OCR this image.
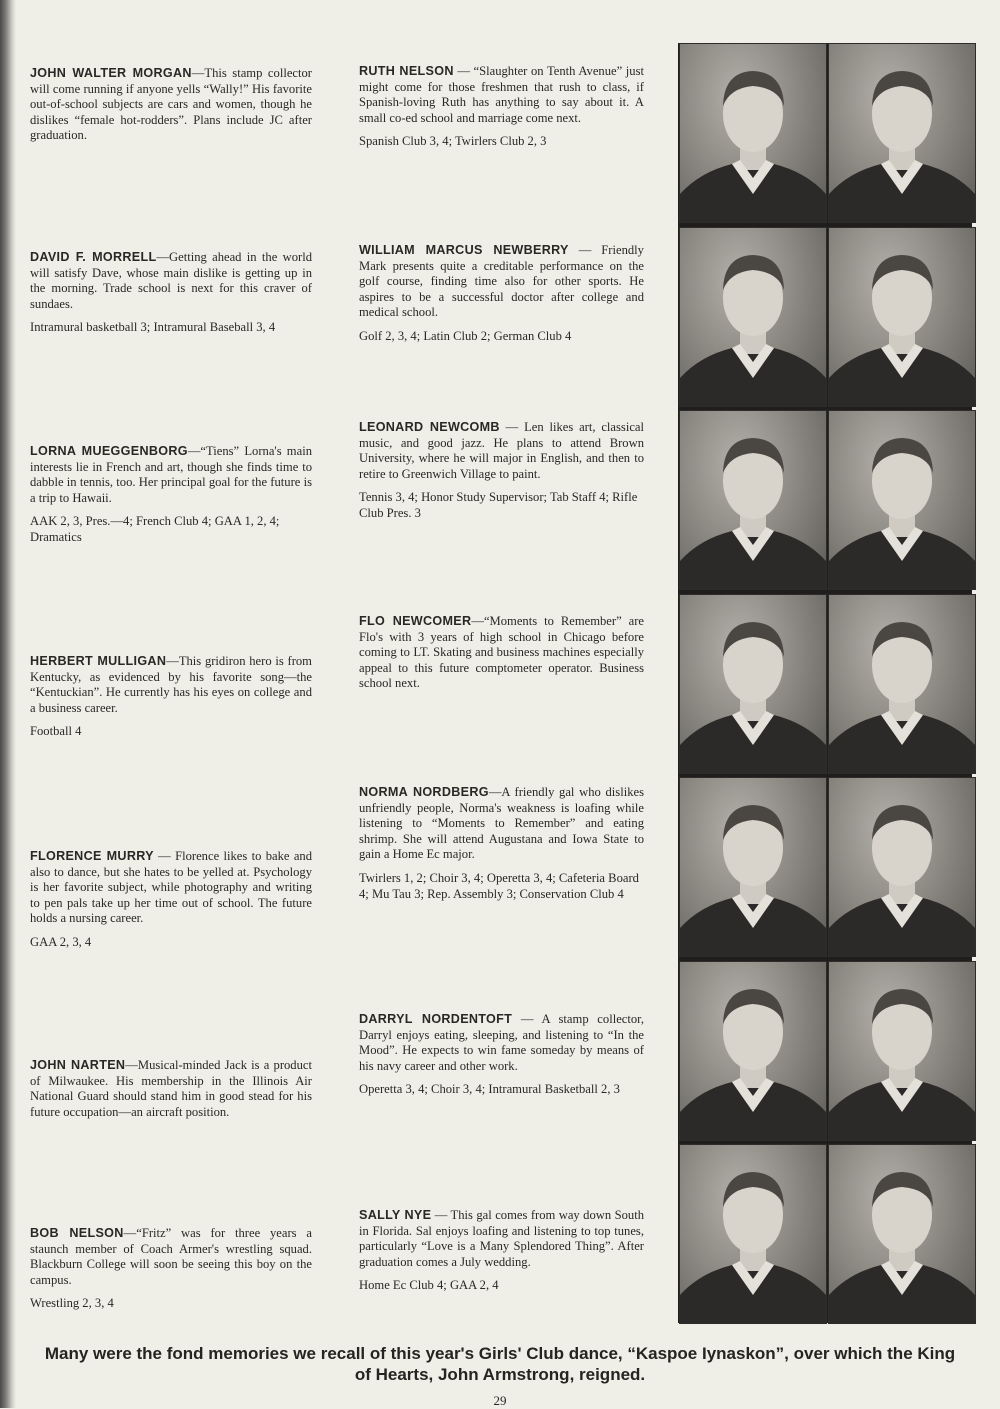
JOHN WALTER MORGAN—This stamp collector will come running if anyone yells “Wally!” His favorite out-of-school subjects are cars and women, though he dislikes “female hot-rodders”. Plans include JC after graduation.
DAVID F. MORRELL—Getting ahead in the world will satisfy Dave, whose main dislike is getting up in the morning. Trade school is next for this craver of sundaes.
Intramural basketball 3; Intramural Baseball 3, 4
LORNA MUEGGENBORG—“Tiens” Lorna's main interests lie in French and art, though she finds time to dabble in tennis, too. Her principal goal for the future is a trip to Hawaii.
AAK 2, 3, Pres.—4; French Club 4; GAA 1, 2, 4; Dramatics
HERBERT MULLIGAN—This gridiron hero is from Kentucky, as evidenced by his favorite song—the “Kentuckian”. He currently has his eyes on college and a business career.
Football 4
FLORENCE MURRY — Florence likes to bake and also to dance, but she hates to be yelled at. Psychology is her favorite subject, while photography and writing to pen pals take up her time out of school. The future holds a nursing career.
GAA 2, 3, 4
JOHN NARTEN—Musical-minded Jack is a product of Milwaukee. His membership in the Illinois Air National Guard should stand him in good stead for his future occupation—an aircraft position.
BOB NELSON—“Fritz” was for three years a staunch member of Coach Armer's wrestling squad. Blackburn College will soon be seeing this boy on the campus.
Wrestling 2, 3, 4
RUTH NELSON — “Slaughter on Tenth Avenue” just might come for those freshmen that rush to class, if Spanish-loving Ruth has anything to say about it. A small co-ed school and marriage come next.
Spanish Club 3, 4; Twirlers Club 2, 3
WILLIAM MARCUS NEWBERRY — Friendly Mark presents quite a creditable performance on the golf course, finding time also for other sports. He aspires to be a successful doctor after college and medical school.
Golf 2, 3, 4; Latin Club 2; German Club 4
LEONARD NEWCOMB — Len likes art, classical music, and good jazz. He plans to attend Brown University, where he will major in English, and then to retire to Greenwich Village to paint.
Tennis 3, 4; Honor Study Supervisor; Tab Staff 4; Rifle Club Pres. 3
FLO NEWCOMER—“Moments to Remember” are Flo's with 3 years of high school in Chicago before coming to LT. Skating and business machines especially appeal to this future comptometer operator. Business school next.
NORMA NORDBERG—A friendly gal who dislikes unfriendly people, Norma's weakness is loafing while listening to “Moments to Remember” and eating shrimp. She will attend Augustana and Iowa State to gain a Home Ec major.
Twirlers 1, 2; Choir 3, 4; Operetta 3, 4; Cafeteria Board 4; Mu Tau 3; Rep. Assembly 3; Conservation Club 4
DARRYL NORDENTOFT — A stamp collector, Darryl enjoys eating, sleeping, and listening to “In the Mood”. He expects to win fame someday by means of his navy career and other work.
Operetta 3, 4; Choir 3, 4; Intramural Basketball 2, 3
SALLY NYE — This gal comes from way down South in Florida. Sal enjoys loafing and listening to top tunes, particularly “Love is a Many Splendored Thing”. After graduation comes a July wedding.
Home Ec Club 4; GAA 2, 4
Many were the fond memories we recall of this year's Girls' Club dance, “Kaspoe Iynaskon”, over which the King of Hearts, John Armstrong, reigned.
29
